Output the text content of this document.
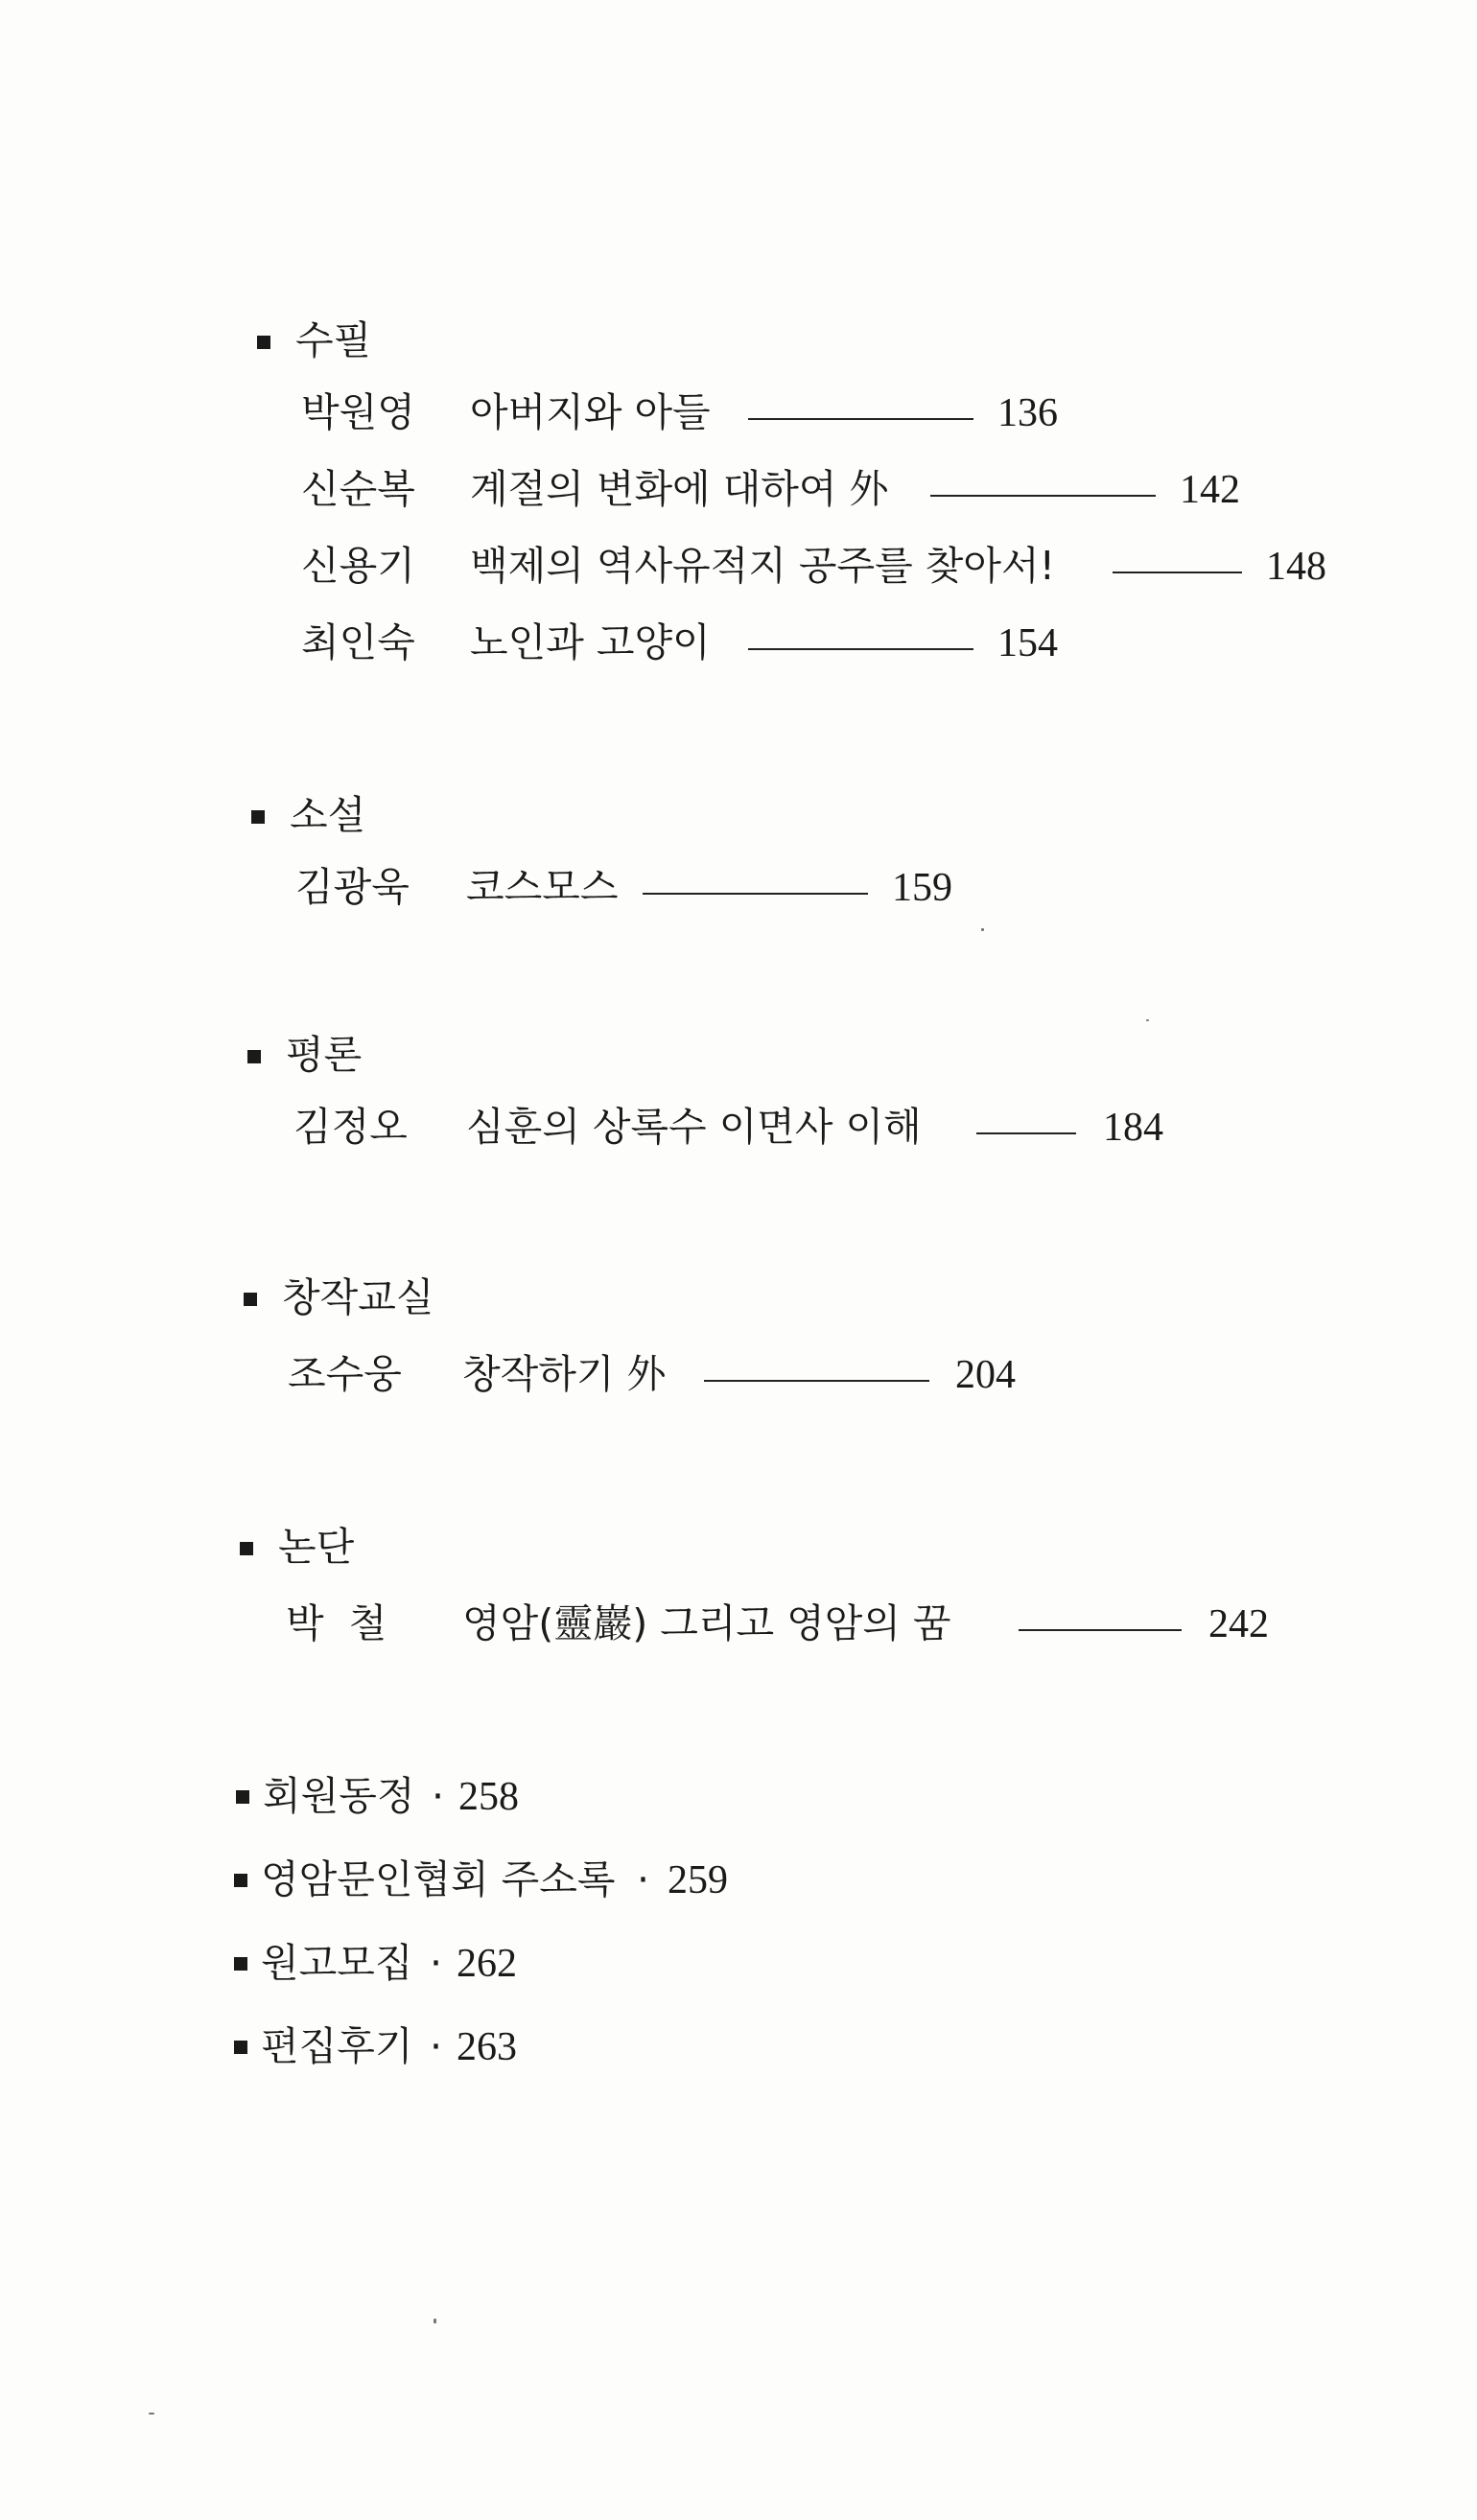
수필
박원영 아버지와 아들	136
신순복 계절의 변화에 대하여 外	142
신용기 백제의 역사유적지 공주를 찾아서!	148
최인숙 노인과 고양이	154
소설
김광욱 코스모스	159
평론
김정오 심훈의 상록수 이면사 이해	184
창작교실
조수웅 창작하기 外	204
논단
박  철 영암(靈巖) 그리고 영암의 꿈	242
회원동정 · 258
영암문인협회 주소록 · 259
원고모집 · 262
편집후기 · 263
